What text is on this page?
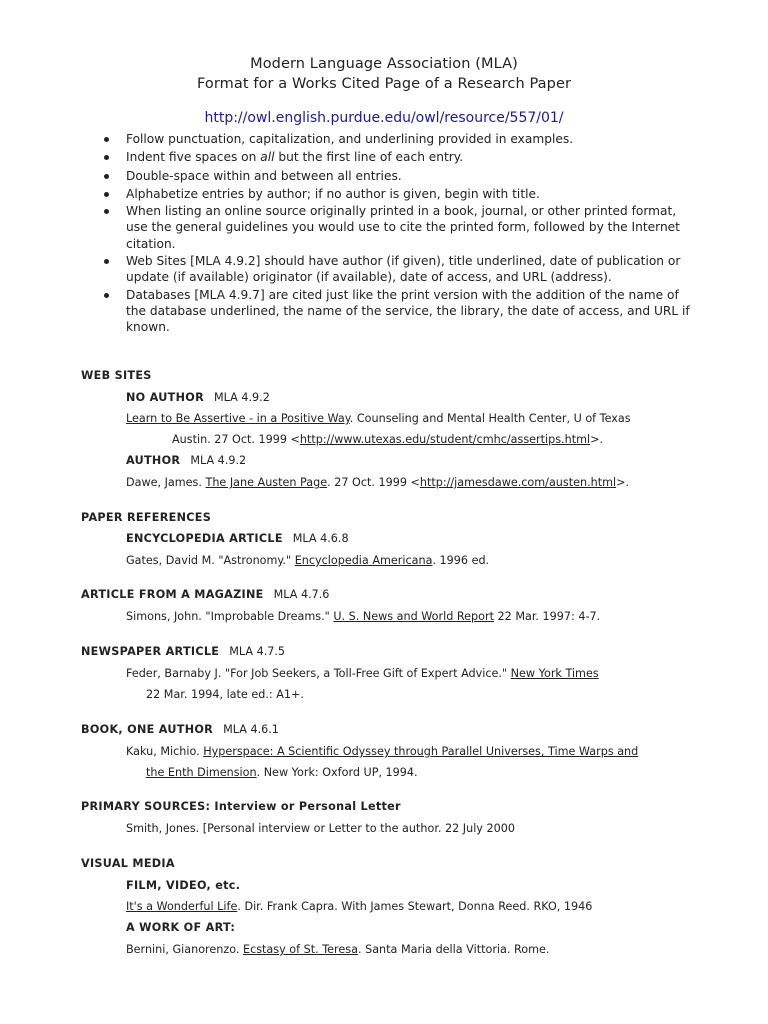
Modern Language Association (MLA)
Format for a Works Cited Page of a Research Paper
http://owl.english.purdue.edu/owl/resource/557/01/
Follow punctuation, capitalization, and underlining provided in examples.
Indent five spaces on all but the first line of each entry.
Double-space within and between all entries.
Alphabetize entries by author; if no author is given, begin with title.
When listing an online source originally printed in a book, journal, or other printed format, use the general guidelines you would use to cite the printed form, followed by the Internet citation.
Web Sites [MLA 4.9.2] should have author (if given), title underlined, date of publication or update (if available) originator (if available), date of access, and URL (address).
Databases [MLA 4.9.7] are cited just like the print version with the addition of the name of the database underlined, the name of the service, the library, the date of access, and URL if known.
WEB SITES
NO AUTHOR MLA 4.9.2
Learn to Be Assertive - in a Positive Way. Counseling and Mental Health Center, U of Texas
Austin. 27 Oct. 1999 <http://www.utexas.edu/student/cmhc/assertips.html>.
AUTHOR MLA 4.9.2
Dawe, James. The Jane Austen Page. 27 Oct. 1999 <http://jamesdawe.com/austen.html>.
PAPER REFERENCES
ENCYCLOPEDIA ARTICLE MLA 4.6.8
Gates, David M. "Astronomy." Encyclopedia Americana. 1996 ed.
ARTICLE FROM A MAGAZINE MLA 4.7.6
Simons, John. "Improbable Dreams." U. S. News and World Report 22 Mar. 1997: 4-7.
NEWSPAPER ARTICLE MLA 4.7.5
Feder, Barnaby J. "For Job Seekers, a Toll-Free Gift of Expert Advice." New York Times
22 Mar. 1994, late ed.: A1+.
BOOK, ONE AUTHOR MLA 4.6.1
Kaku, Michio. Hyperspace: A Scientific Odyssey through Parallel Universes, Time Warps and
the Enth Dimension. New York: Oxford UP, 1994.
PRIMARY SOURCES: Interview or Personal Letter
Smith, Jones. [Personal interview or Letter to the author. 22 July 2000
VISUAL MEDIA
FILM, VIDEO, etc.
It's a Wonderful Life. Dir. Frank Capra. With James Stewart, Donna Reed. RKO, 1946
A WORK OF ART:
Bernini, Gianorenzo. Ecstasy of St. Teresa. Santa Maria della Vittoria. Rome.
